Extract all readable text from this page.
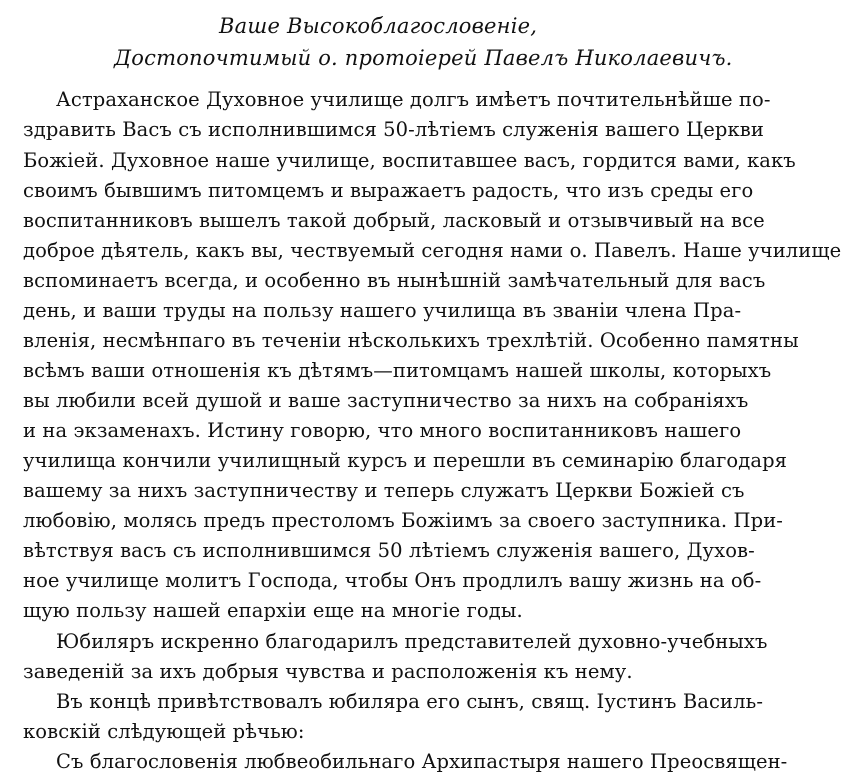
Ваше Высокоблагословеніе,
Достопочтимый о. протоіерей Павелъ Николаевичъ.
Астраханское Духовное училище долгъ имѣетъ почтительнѣйше по-
здравить Васъ съ исполнившимся 50-лѣтіемъ служенія вашего Церкви
Божіей. Духовное наше училище, воспитавшее васъ, гордится вами, какъ
своимъ бывшимъ питомцемъ и выражаетъ радость, что изъ среды его
воспитанниковъ вышелъ такой добрый, ласковый и отзывчивый на все
доброе дѣятель, какъ вы, чествуемый сегодня нами о. Павелъ. Наше училище
вспоминаетъ всегда, и особенно въ нынѣшній замѣчательный для васъ
день, и ваши труды на пользу нашего училища въ званіи члена Пра-
вленія, несмѣнпаго въ теченіи нѣсколькихъ трехлѣтій. Особенно памятны
всѣмъ ваши отношенія къ дѣтямъ—питомцамъ нашей школы, которыхъ
вы любили всей душой и ваше заступничество за нихъ на собраніяхъ
и на экзаменахъ. Истину говорю, что много воспитанниковъ нашего
училища кончили училищный курсъ и перешли въ семинарію благодаря
вашему за нихъ заступничеству и теперь служатъ Церкви Божіей съ
любовію, молясь предъ престоломъ Божіимъ за своего заступника. При-
вѣтствуя васъ съ исполнившимся 50 лѣтіемъ служенія вашего, Духов-
ное училище молитъ Господа, чтобы Онъ продлилъ вашу жизнь на об-
щую пользу нашей епархіи еще на многіе годы.
Юбиляръ искренно благодарилъ представителей духовно-учебныхъ
заведеній за ихъ добрыя чувства и расположенія къ нему.
Въ концѣ привѣтствовалъ юбиляра его сынъ, свящ. Іустинъ Василь-
ковскій слѣдующей рѣчью:
Съ благословенія любвеобильнаго Архипастыря нашего Преосвящен-
